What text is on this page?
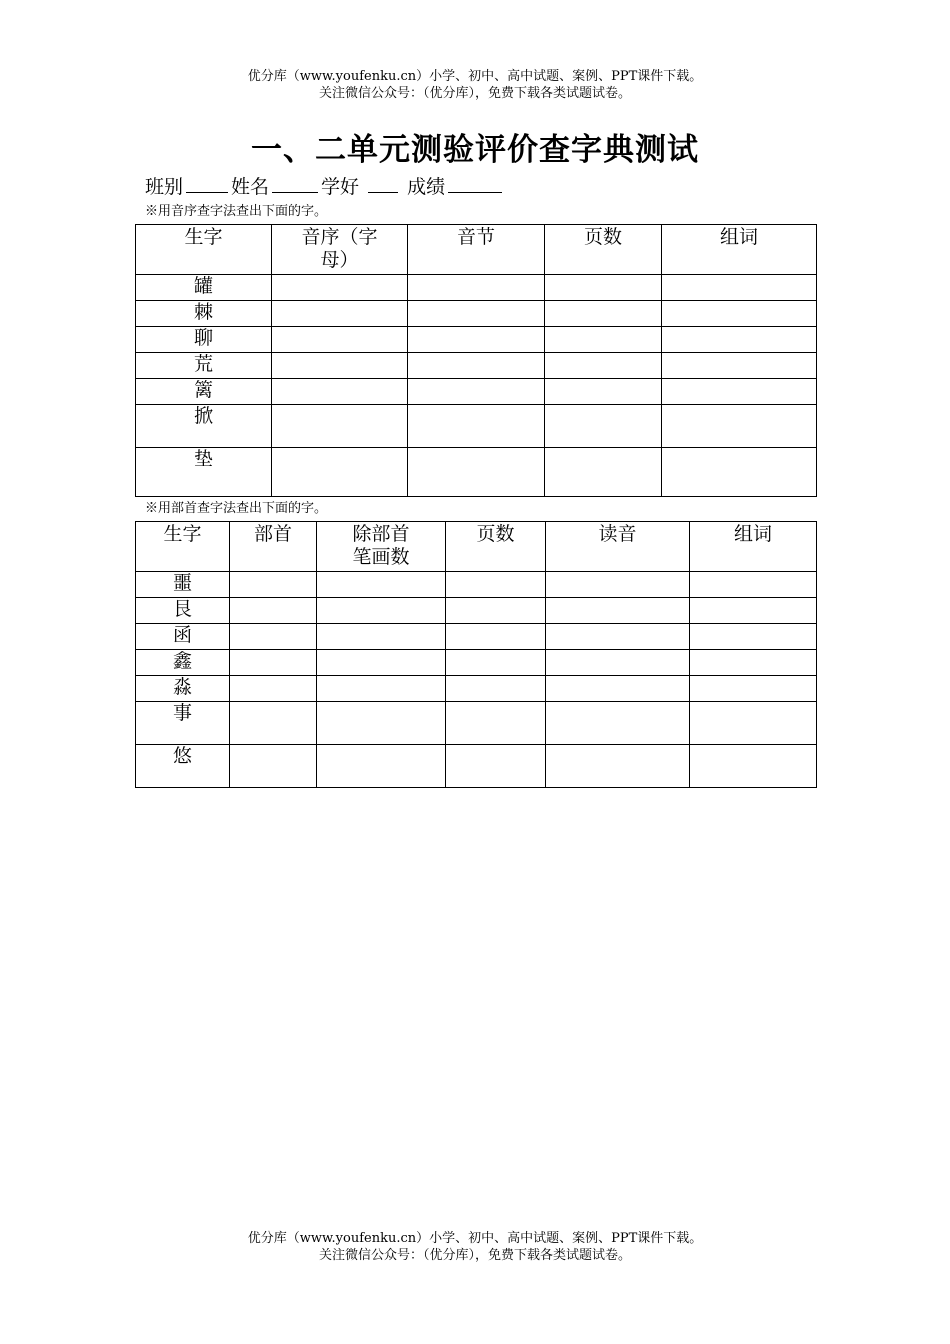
优分库（www.youfenku.cn）小学、初中、高中试题、案例、PPT课件下载。
关注微信公众号：（优分库），免费下载各类试题试卷。
一、二单元测验评价查字典测试
班别	姓名	学好	成绩
※用音序查字法查出下面的字。
生字	音序（字母）	音节	页数	组词
罐				
棘				
聊				
荒				
篱				
掀				
垫				
※用部首查字法查出下面的字。
生字	部首	除部首笔画数	页数	读音	组词
噩					
艮					
函					
鑫					
淼					
事					
悠					
优分库（www.youfenku.cn）小学、初中、高中试题、案例、PPT课件下载。
关注微信公众号：（优分库），免费下载各类试题试卷。
